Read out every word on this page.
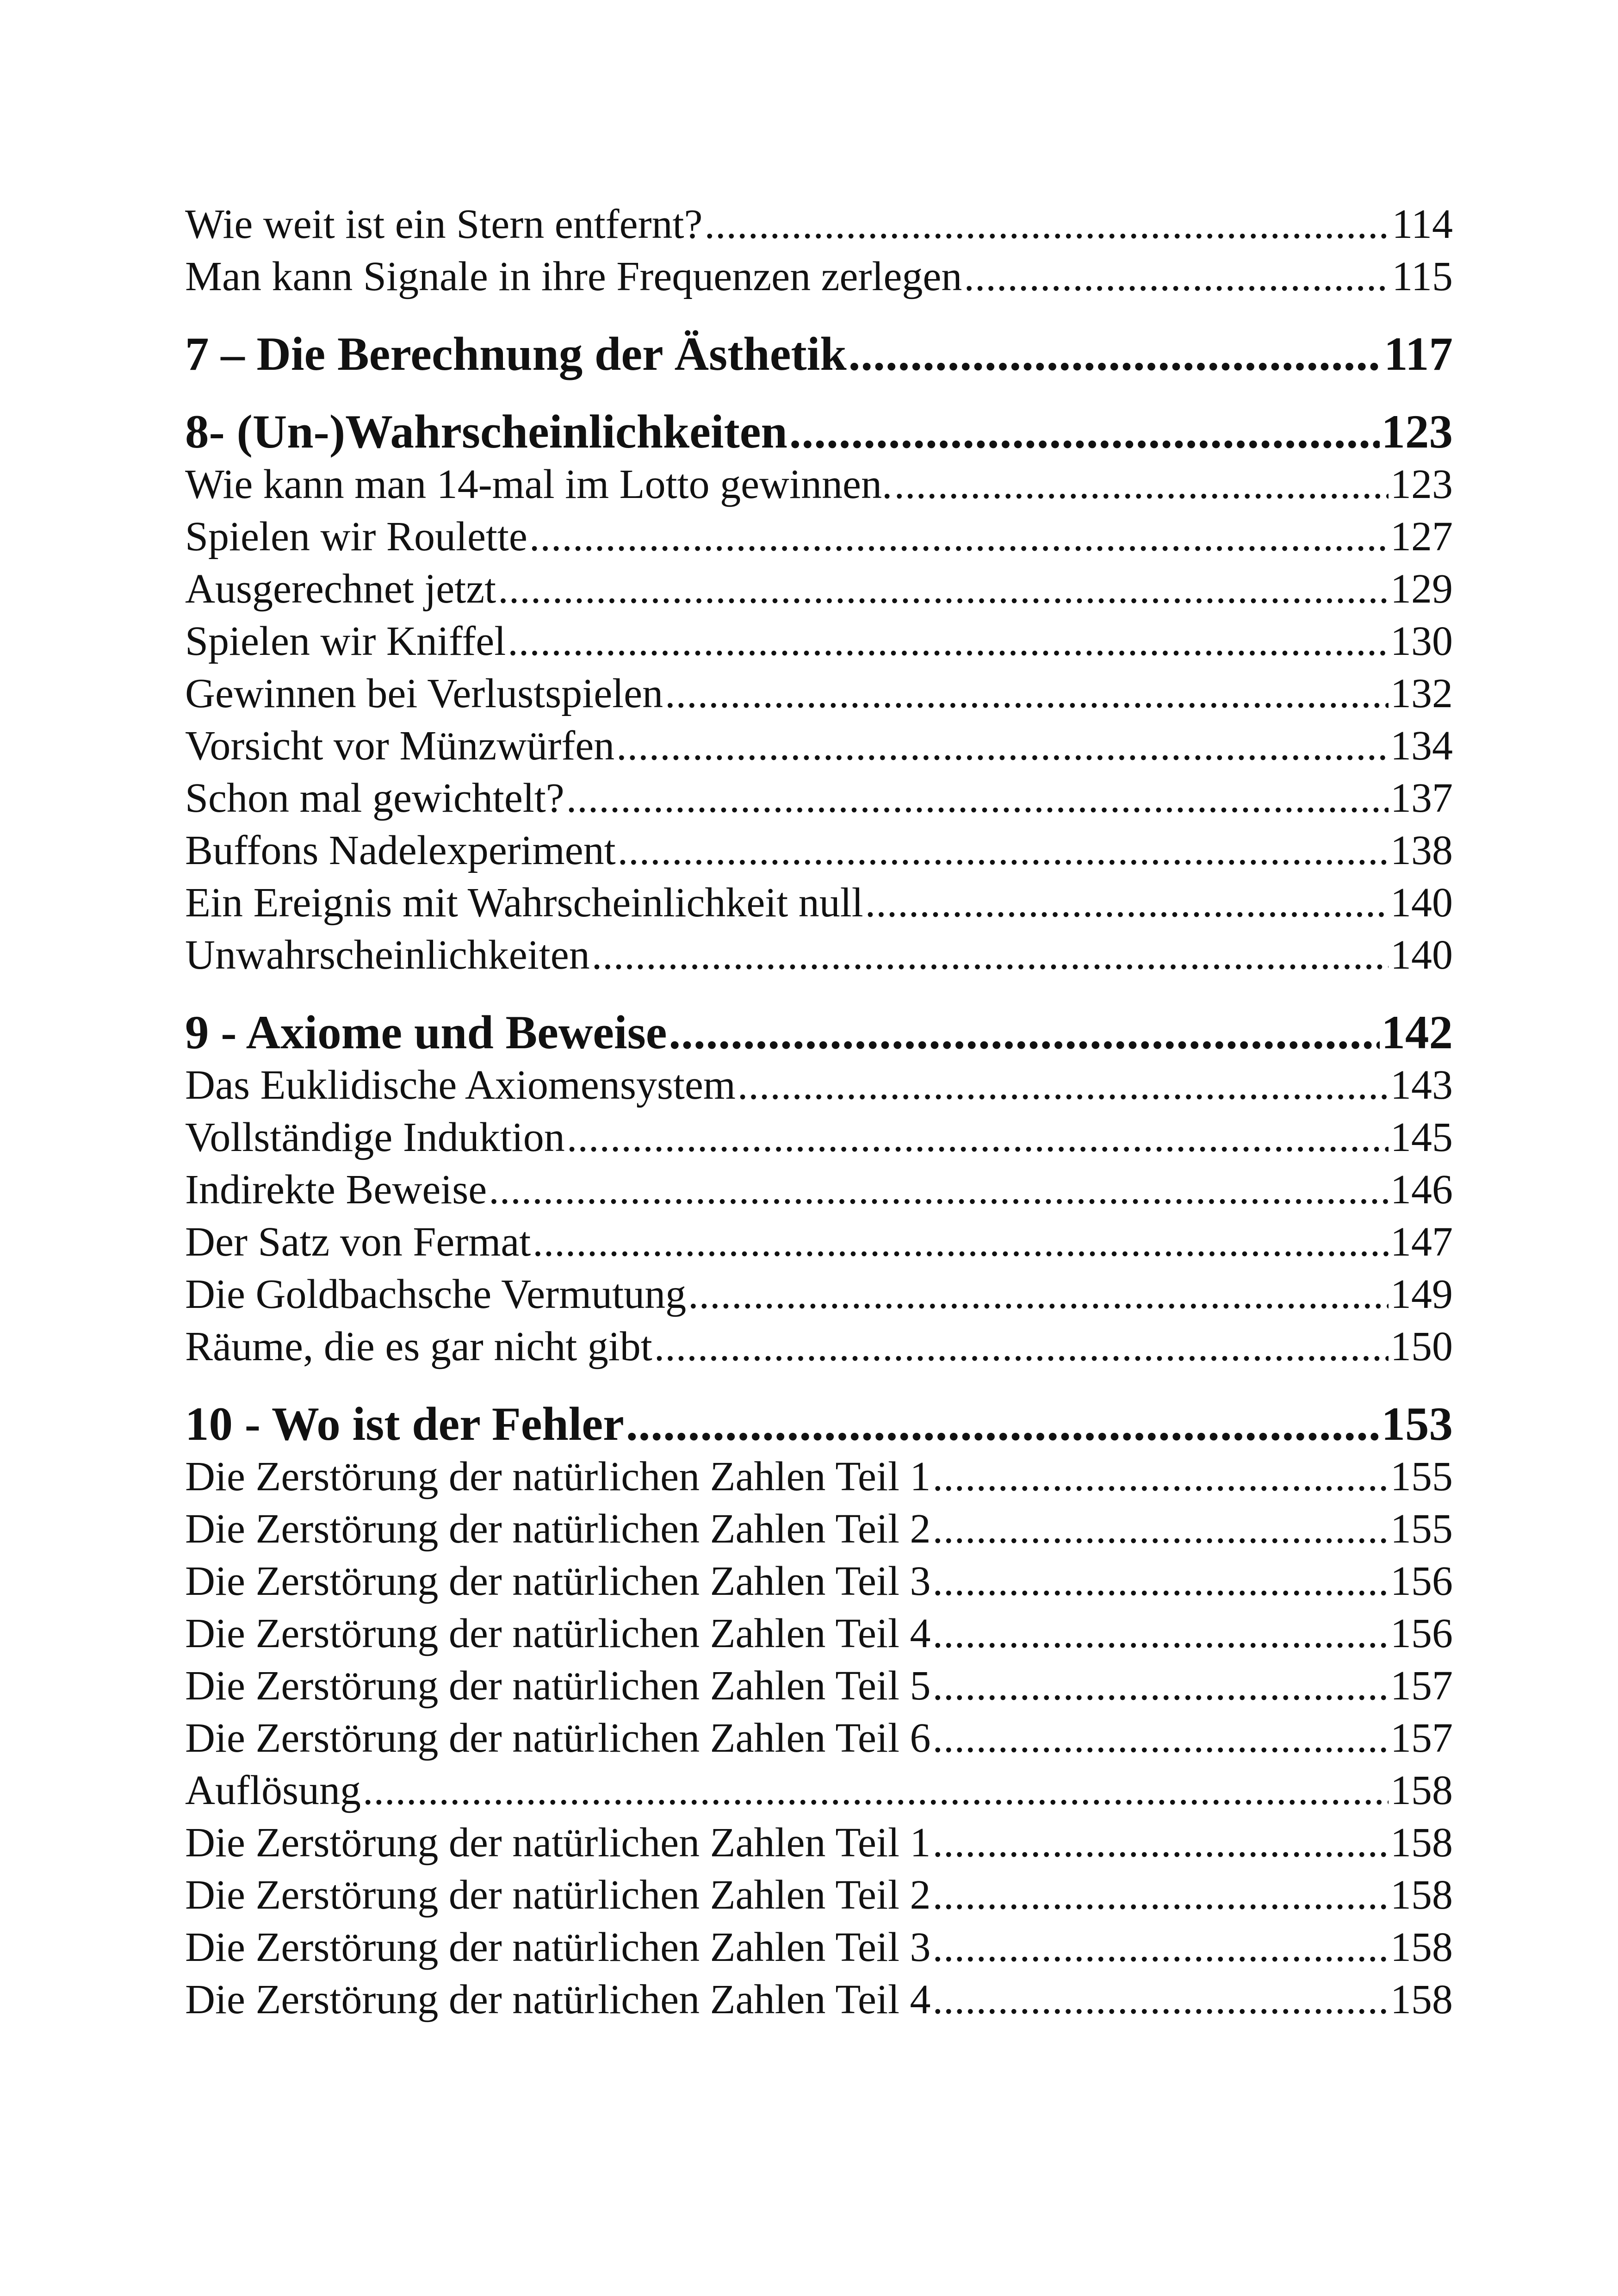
Wie weit ist ein Stern entfernt? .....	114
Man kann Signale in ihre Frequenzen zerlegen .....	115
7 – Die Berechnung der Ästhetik .....	117
8- (Un-)Wahrscheinlichkeiten .....	123
Wie kann man 14-mal im Lotto gewinnen. .....	123
Spielen wir Roulette .....	127
Ausgerechnet jetzt .....	129
Spielen wir Kniffel .....	130
Gewinnen bei Verlustspielen .....	132
Vorsicht vor Münzwürfen .....	134
Schon mal gewichtelt? .....	137
Buffons Nadelexperiment .....	138
Ein Ereignis mit Wahrscheinlichkeit null .....	140
Unwahrscheinlichkeiten .....	140
9 - Axiome und Beweise .....	142
Das Euklidische Axiomensystem .....	143
Vollständige Induktion .....	145
Indirekte Beweise .....	146
Der Satz von Fermat .....	147
Die Goldbachsche Vermutung .....	149
Räume, die es gar nicht gibt .....	150
10 - Wo ist der Fehler .....	153
Die Zerstörung der natürlichen Zahlen Teil 1 .....	155
Die Zerstörung der natürlichen Zahlen Teil 2 .....	155
Die Zerstörung der natürlichen Zahlen Teil 3 .....	156
Die Zerstörung der natürlichen Zahlen Teil 4 .....	156
Die Zerstörung der natürlichen Zahlen Teil 5 .....	157
Die Zerstörung der natürlichen Zahlen Teil 6 .....	157
Auflösung .....	158
Die Zerstörung der natürlichen Zahlen Teil 1 .....	158
Die Zerstörung der natürlichen Zahlen Teil 2 .....	158
Die Zerstörung der natürlichen Zahlen Teil 3 .....	158
Die Zerstörung der natürlichen Zahlen Teil 4 .....	158
